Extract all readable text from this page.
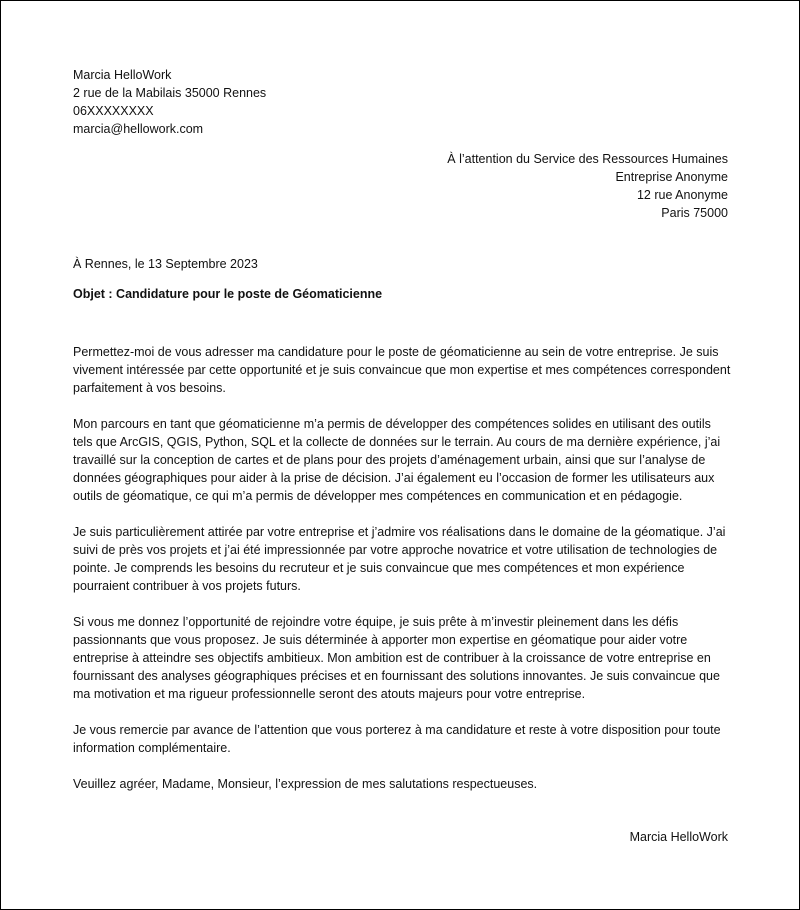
Marcia HelloWork
2 rue de la Mabilais 35000 Rennes
06XXXXXXXX
marcia@hellowork.com
À l’attention du Service des Ressources Humaines
Entreprise Anonyme
12 rue Anonyme
Paris 75000
À Rennes, le 13 Septembre 2023
Objet : Candidature pour le poste de Géomaticienne

Permettez-moi de vous adresser ma candidature pour le poste de géomaticienne au sein de votre entreprise. Je suis vivement intéressée par cette opportunité et je suis convaincue que mon expertise et mes compétences correspondent parfaitement à vos besoins.

Mon parcours en tant que géomaticienne m’a permis de développer des compétences solides en utilisant des outils tels que ArcGIS, QGIS, Python, SQL et la collecte de données sur le terrain. Au cours de ma dernière expérience, j’ai travaillé sur la conception de cartes et de plans pour des projets d’aménagement urbain, ainsi que sur l’analyse de données géographiques pour aider à la prise de décision. J’ai également eu l’occasion de former les utilisateurs aux outils de géomatique, ce qui m’a permis de développer mes compétences en communication et en pédagogie.

Je suis particulièrement attirée par votre entreprise et j’admire vos réalisations dans le domaine de la géomatique. J’ai suivi de près vos projets et j’ai été impressionnée par votre approche novatrice et votre utilisation de technologies de pointe. Je comprends les besoins du recruteur et je suis convaincue que mes compétences et mon expérience pourraient contribuer à vos projets futurs.

Si vous me donnez l’opportunité de rejoindre votre équipe, je suis prête à m’investir pleinement dans les défis passionnants que vous proposez. Je suis déterminée à apporter mon expertise en géomatique pour aider votre entreprise à atteindre ses objectifs ambitieux. Mon ambition est de contribuer à la croissance de votre entreprise en fournissant des analyses géographiques précises et en fournissant des solutions innovantes. Je suis convaincue que ma motivation et ma rigueur professionnelle seront des atouts majeurs pour votre entreprise.

Je vous remercie par avance de l’attention que vous porterez à ma candidature et reste à votre disposition pour toute information complémentaire.

Veuillez agréer, Madame, Monsieur, l’expression de mes salutations respectueuses.

Marcia HelloWork
